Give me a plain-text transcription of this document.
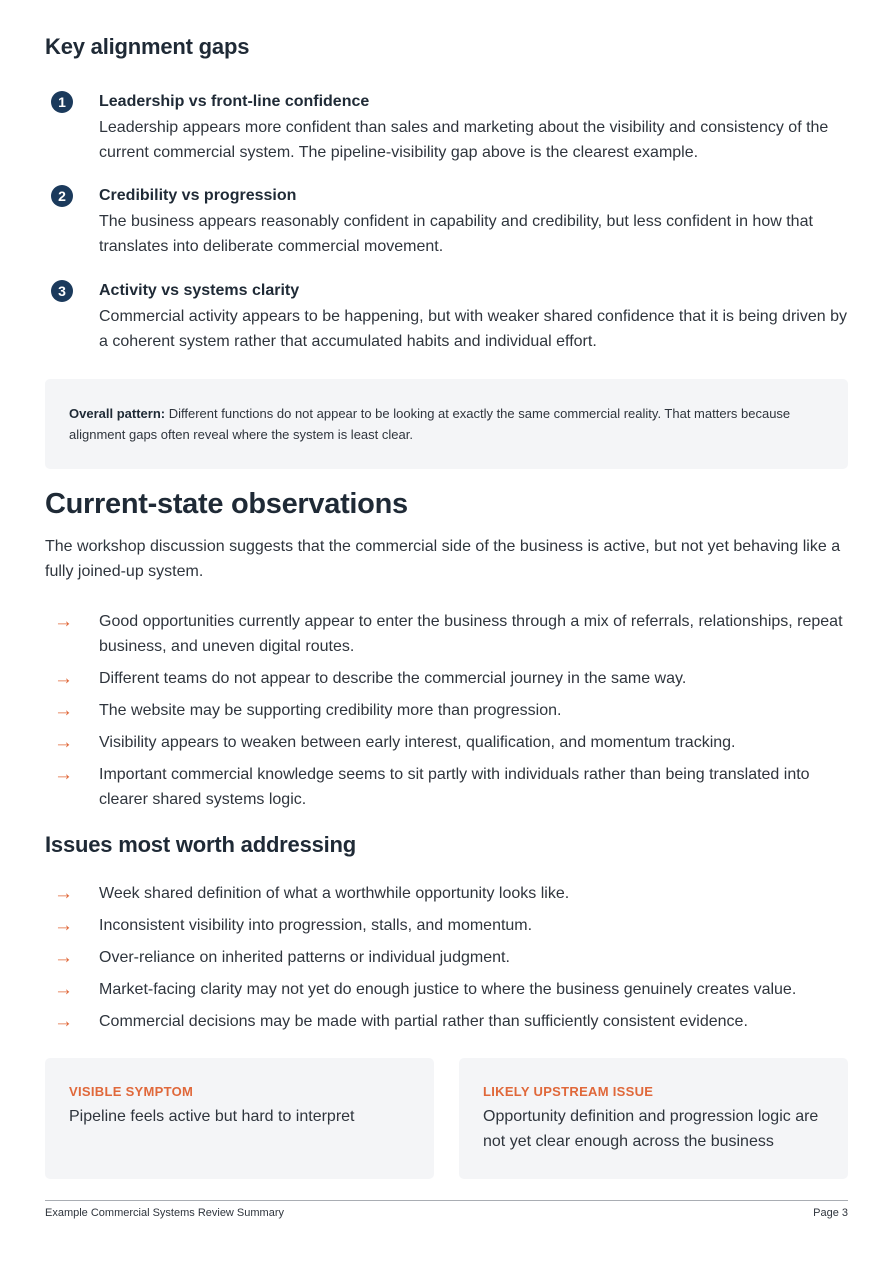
Key alignment gaps
1	Leadership vs front-line confidence
Leadership appears more confident than sales and marketing about the visibility and consistency of the current commercial system. The pipeline-visibility gap above is the clearest example.
2	Credibility vs progression
The business appears reasonably confident in capability and credibility, but less confident in how that translates into deliberate commercial movement.
3	Activity vs systems clarity
Commercial activity appears to be happening, but with weaker shared confidence that it is being driven by a coherent system rather that accumulated habits and individual effort.
Overall pattern: Different functions do not appear to be looking at exactly the same commercial reality. That matters because alignment gaps often reveal where the system is least clear.
Current-state observations
The workshop discussion suggests that the commercial side of the business is active, but not yet behaving like a fully joined-up system.
→ Good opportunities currently appear to enter the business through a mix of referrals, relationships, repeat business, and uneven digital routes.
→ Different teams do not appear to describe the commercial journey in the same way.
→ The website may be supporting credibility more than progression.
→ Visibility appears to weaken between early interest, qualification, and momentum tracking.
→ Important commercial knowledge seems to sit partly with individuals rather than being translated into clearer shared systems logic.
Issues most worth addressing
→ Week shared definition of what a worthwhile opportunity looks like.
→ Inconsistent visibility into progression, stalls, and momentum.
→ Over-reliance on inherited patterns or individual judgment.
→ Market-facing clarity may not yet do enough justice to where the business genuinely creates value.
→ Commercial decisions may be made with partial rather than sufficiently consistent evidence.
VISIBLE SYMPTOM
Pipeline feels active but hard to interpret
LIKELY UPSTREAM ISSUE
Opportunity definition and progression logic are not yet clear enough across the business
Example Commercial Systems Review Summary	Page 3
